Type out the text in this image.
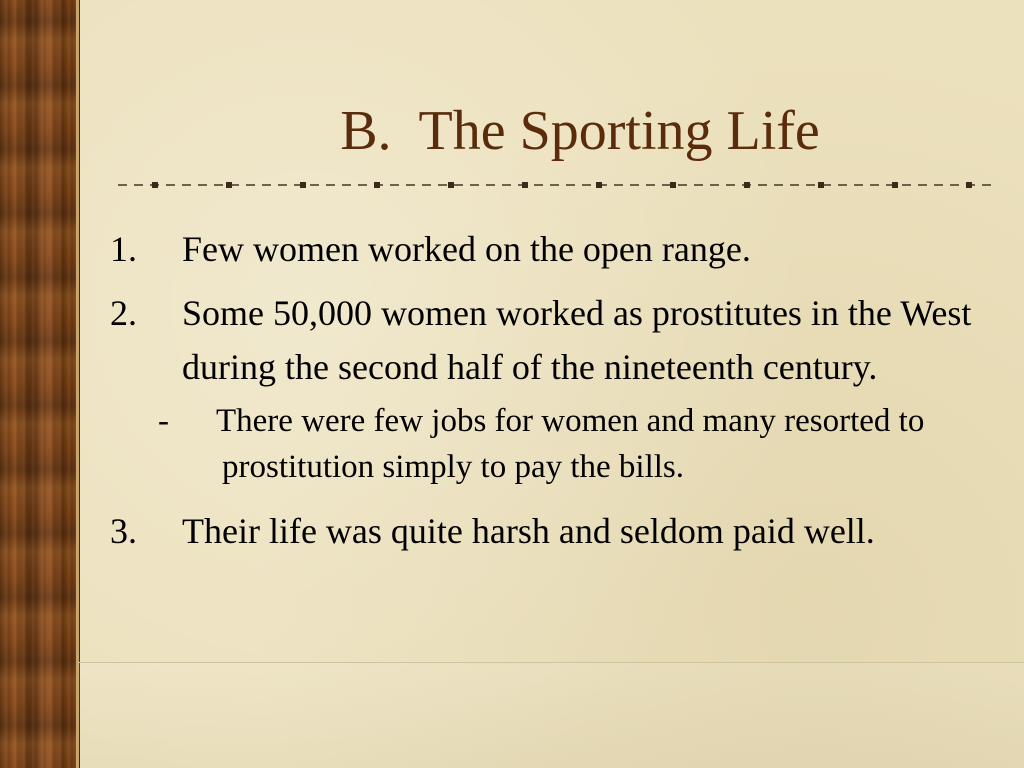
B.  The Sporting Life
1. Few women worked on the open range.
2. Some 50,000 women worked as prostitutes in the West during the second half of the nineteenth century.
- There were few jobs for women and many resorted to prostitution simply to pay the bills.
3. Their life was quite harsh and seldom paid well.
